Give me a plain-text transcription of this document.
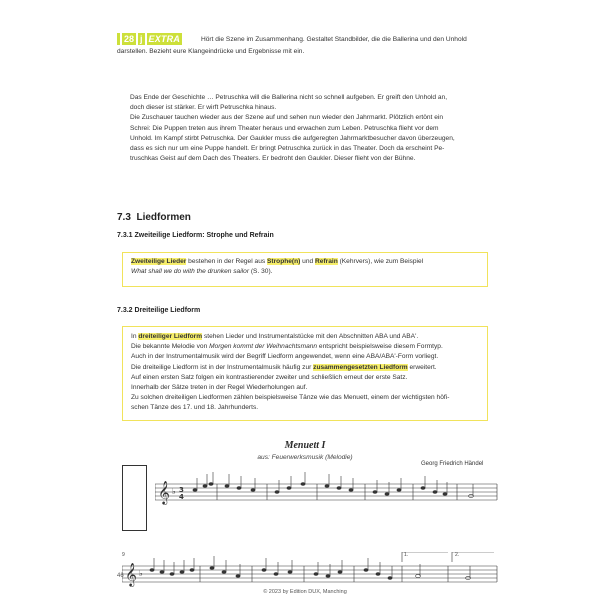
28 j EXTRA	Hört die Szene im Zusammenhang. Gestaltet Standbilder, die die Ballerina und den Unhold
darstellen. Bezieht eure Klangeindrücke und Ergebnisse mit ein.
Das Ende der Geschichte … Petruschka will die Ballerina nicht so schnell aufgeben. Er greift den Unhold an,
doch dieser ist stärker. Er wirft Petruschka hinaus.
Die Zuschauer tauchen wieder aus der Szene auf und sehen nun wieder den Jahrmarkt. Plötzlich ertönt ein
Schrei: Die Puppen treten aus ihrem Theater heraus und erwachen zum Leben. Petruschka flieht vor dem
Unhold. Im Kampf stirbt Petruschka. Der Gaukler muss die aufgeregten Jahrmarktbesucher davon überzeugen,
dass es sich nur um eine Puppe handelt. Er bringt Petruschka zurück in das Theater. Doch da erscheint Pe-
truschkas Geist auf dem Dach des Theaters. Er bedroht den Gaukler. Dieser flieht von der Bühne.
7.3 Liedformen
7.3.1 Zweiteilige Liedform: Strophe und Refrain
Zweiteilige Lieder bestehen in der Regel aus Strophe(n) und Refrain (Kehrvers), wie zum Beispiel
What shall we do with the drunken sailor (S. 30).
7.3.2 Dreiteilige Liedform
In dreiteiliger Liedform stehen Lieder und Instrumentalstücke mit den Abschnitten ABA und ABA'.
Die bekannte Melodie von Morgen kommt der Weihnachtsmann entspricht beispielsweise diesem Formtyp.
Auch in der Instrumentalmusik wird der Begriff Liedform angewendet, wenn eine ABA/ABA'-Form vorliegt.
Die dreiteilige Liedform ist in der Instrumentalmusik häufig zur zusammengesetzten Liedform erweitert.
Auf einen ersten Satz folgen ein kontrastierender zweiter und schließlich erneut der erste Satz.
Innerhalb der Sätze treten in der Regel Wiederholungen auf.
Zu solchen dreiteiligen Liedformen zählen beispielsweise Tänze wie das Menuett, einem der wichtigsten höfi-
schen Tänze des 17. und 18. Jahrhunderts.
Menuett I
aus: Feuerwerksmusik (Melodie)
Georg Friedrich Händel
𝄞 ♭ 3
4
9
𝄞 ♭
1.	2.
46
© 2023 by Edition DUX, Manching
